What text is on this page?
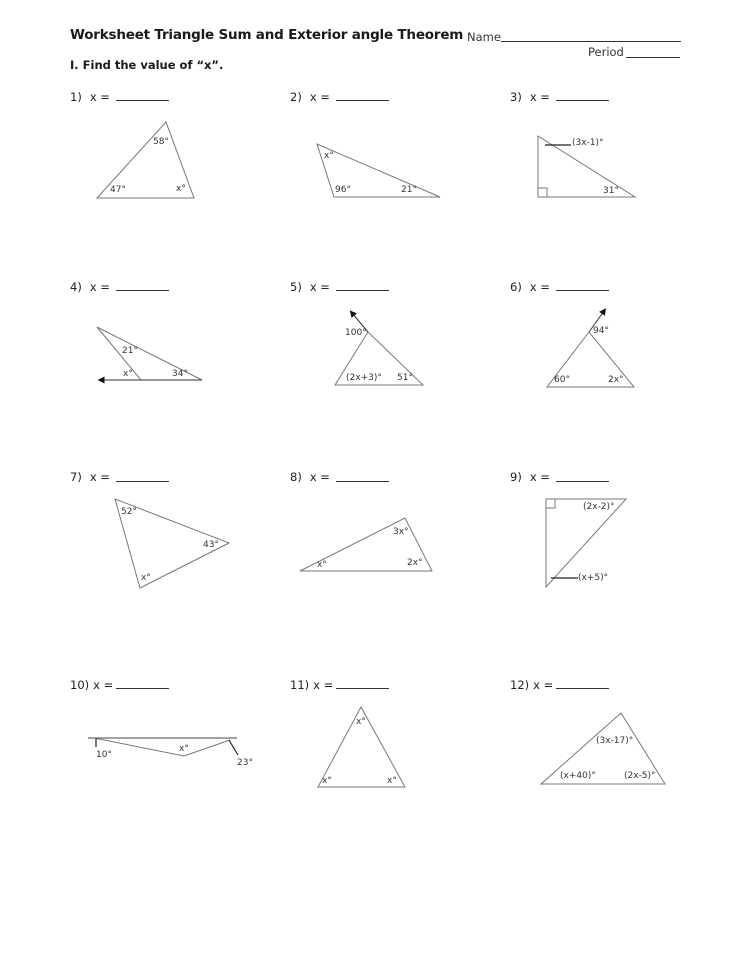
Worksheet Triangle Sum and Exterior angle Theorem Name
Period
I. Find the value of “x”.
1) x =	2) x =	3) x =
4) x =	5) x =	6) x =
7) x =	8) x =	9) x =
10) x =	11) x =	12) x =
58°
47°	x°
x°
96°	21°
(3x-1)°
31°
21°
x°	34°
100°
(2x+3)° 51°
94°
60°	2x°
52°
43°
x°
3x°
2x°
x°
(2x-2)°
(x+5)°
10°
x°
23°
x°
x°	x°
(3x-17)°
(x+40)°	(2x-5)°
